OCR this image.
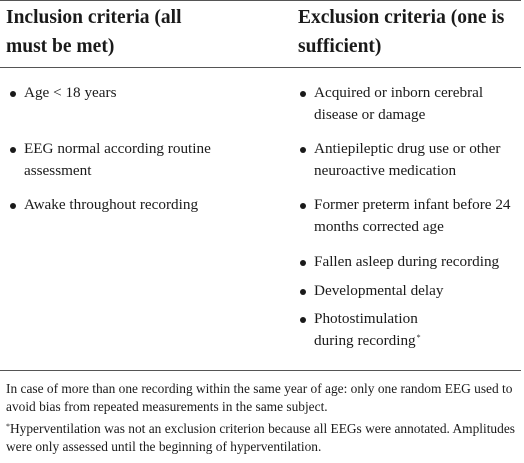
Inclusion criteria (all
must be met)
Exclusion criteria (one is
sufficient)
Age < 18 years
EEG normal according routine
assessment
Awake throughout recording
Acquired or inborn cerebral
disease or damage
Antiepileptic drug use or other
neuroactive medication
Former preterm infant before 24
months corrected age
Fallen asleep during recording
Developmental delay
Photostimulation
during recording*
In case of more than one recording within the same year of age: only one random EEG used to avoid bias from repeated measurements in the same subject.
*Hyperventilation was not an exclusion criterion because all EEGs were annotated. Amplitudes were only assessed until the beginning of hyperventilation.
